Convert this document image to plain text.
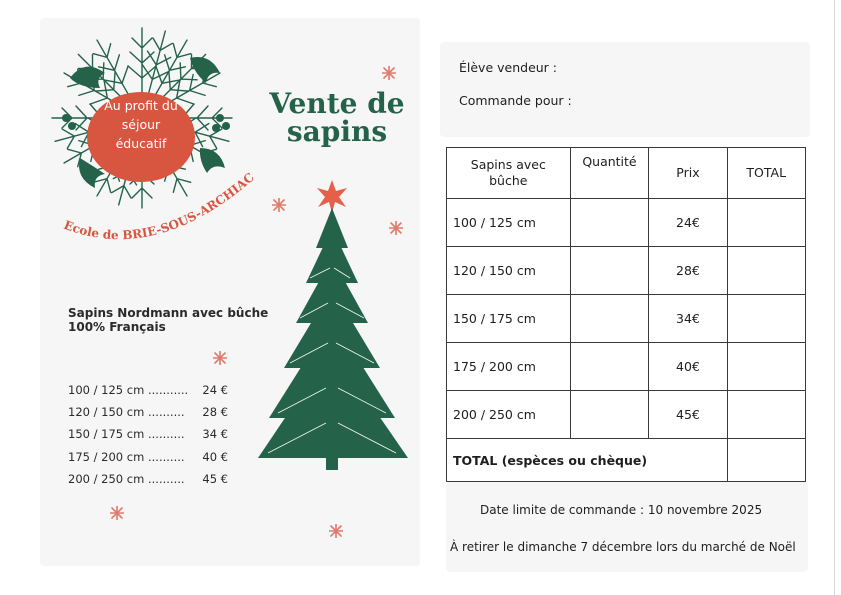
Au profit du
séjour
éducatif
Ecole de BRIE-SOUS-ARCHIAC
Vente de
sapins
Sapins Nordmann avec bûche
100% Français
100 / 125 cm ...........	24 €
120 / 150 cm ..........	28 €
150 / 175 cm ..........	34 €
175 / 200 cm ..........	40 €
200 / 250 cm ..........	45 €
Élève vendeur :
Commande pour :
Sapins avec bûche	Quantité	Prix	TOTAL
100 / 125 cm		24€	
120 / 150 cm		28€	
150 / 175 cm		34€	
175 / 200 cm		40€	
200 / 250 cm		45€	
TOTAL (espèces ou chèque)			
Date limite de commande : 10 novembre 2025
À retirer le dimanche 7 décembre lors du marché de Noël
